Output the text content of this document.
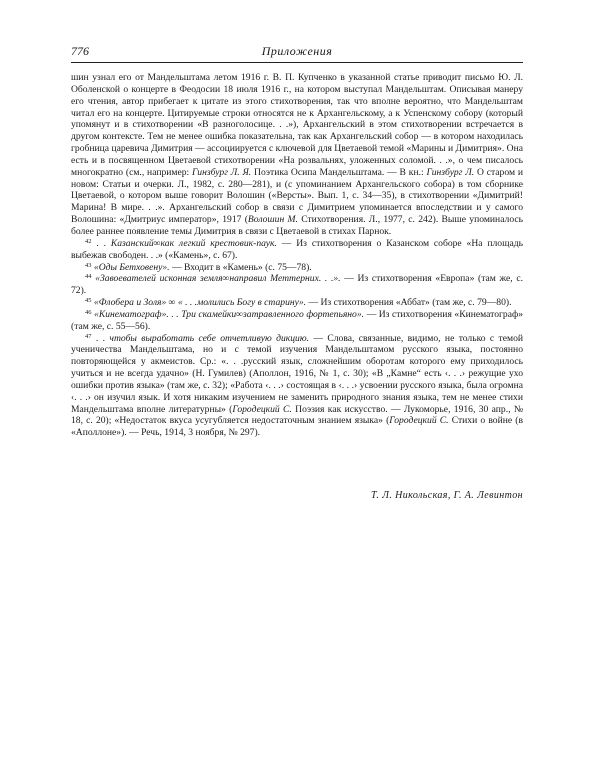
776	Приложения

шин узнал его от Мандельштама летом 1916 г. В. П. Купченко в указанной статье приводит письмо Ю. Л. Оболенской о концерте в Феодосии 18 июля 1916 г., на котором выступал Мандельштам. Описывая манеру его чтения, автор прибегает к цитате из этого стихотворения, так что вполне вероятно, что Мандельштам читал его на концерте. Цитируемые строки относятся не к Архангельскому, а к Успенскому собору (который упомянут и в стихотворении «В разноголосице. . .»), Архангельский в этом стихотворении встречается в другом контексте. Тем не менее ошибка показательна, так как Архангельский собор — в котором находилась гробница царевича Димитрия — ассоциируется с ключевой для Цветаевой темой «Марины и Димитрия». Она есть и в посвященном Цветаевой стихотворении «На розвальнях, уложенных соломой. . .», о чем писалось многократно (см., например: Гинзбург Л. Я. Поэтика Осипа Мандельштама. — В кн.: Гинзбург Л. О старом и новом: Статьи и очерки. Л., 1982, с. 280—281), и (с упоминанием Архангельского собора) в том сборнике Цветаевой, о котором выше говорит Волошин («Версты». Вып. 1, с. 34—35), в стихотворении «Димитрий! Марина! В мире. . .». Архангельский собор в связи с Димитрием упоминается впоследствии и у самого Волошина: «Дмитриус император», 1917 (Волошин М. Стихотворения. Л., 1977, с. 242). Выше упоминалось более раннее появление темы Димитрия в связи с Цветаевой в стихах Парнок.

$^{42}$ . . Казанский∞как легкий крестовик-паук. — Из стихотворения о Казанском соборе «На площадь выбежав свободен. . .» («Камень», с. 67).

$^{43}$ «Оды Бетховену». — Входит в «Камень» (с. 75—78).

$^{44}$ «Завоевателей исконная земля∞направил Меттерних. . .». — Из стихотворения «Европа» (там же, с. 72).

$^{45}$ «Флобера и Золя» ∞ « . . .молились Богу в старину». — Из стихотворения «Аббат» (там же, с. 79—80).

$^{46}$ «Кинематограф». . . Три скамейки∞затравленного фортепьяно». — Из стихотворения «Кинематограф» (там же, с. 55—56).

$^{47}$ . . чтобы выработать себе отчетливую дикцию. — Слова, связанные, видимо, не только с темой ученичества Мандельштама, но и с темой изучения Мандельштамом русского языка, постоянно повторяющейся у акмеистов. Ср.: «. . .русский язык, сложнейшим оборотам которого ему приходилось учиться и не всегда удачно» (Н. Гумилев) (Аполлон, 1916, № 1, с. 30); «В „Камне“ есть ‹. . .› режущие ухо ошибки против языка» (там же, с. 32); «Работа ‹. . .› состоящая в ‹. . .› усвоении русского языка, была огромна ‹. . .› он изучил язык. И хотя никаким изучением не заменить природного знания языка, тем не менее стихи Мандельштама вполне литературны» (Городецкий С. Поэзия как искусство. — Лукоморье, 1916, 30 апр., № 18, с. 20); «Недостаток вкуса усугубляется недостаточным знанием языка» (Городецкий С. Стихи о войне (в «Аполлоне»). — Речь, 1914, 3 ноября, № 297).

Т. Л. Никольская, Г. А. Левинтон
